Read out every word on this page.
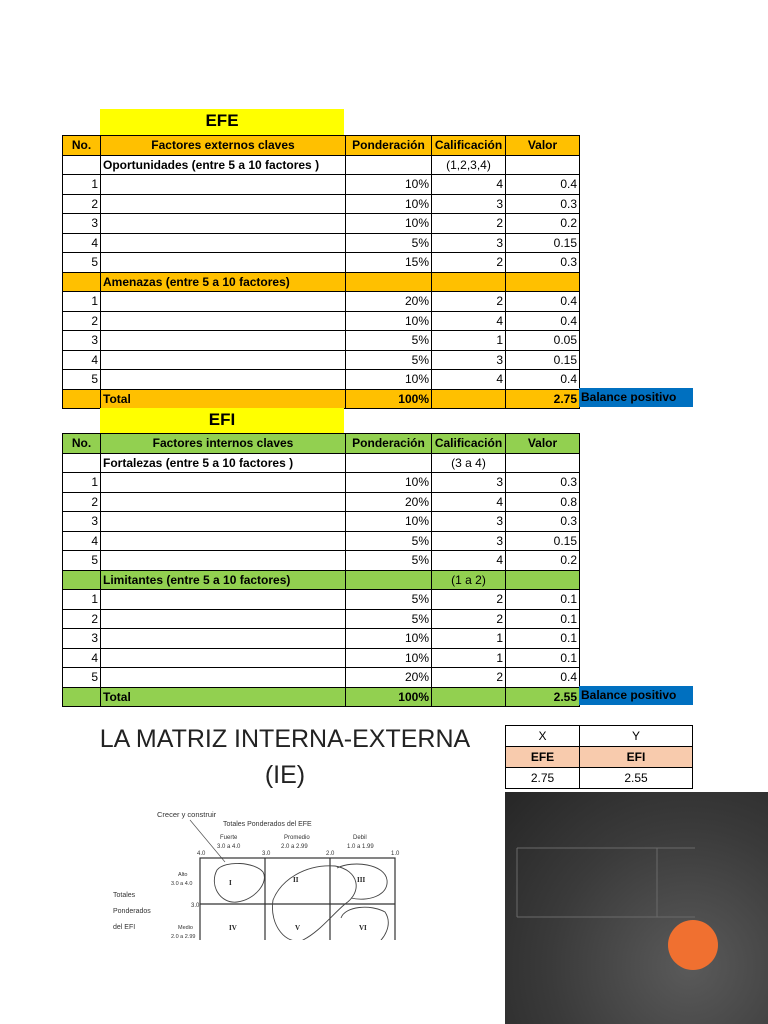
EFE
No.	Factores externos claves	Ponderación	Calificación	Valor
	Oportunidades (entre 5 a 10 factores )		(1,2,3,4)	
1		10%	4	0.4
2		10%	3	0.3
3		10%	2	0.2
4		5%	3	0.15
5		15%	2	0.3
	Amenazas (entre 5 a 10 factores)			
1		20%	2	0.4
2		10%	4	0.4
3		5%	1	0.05
4		5%	3	0.15
5		10%	4	0.4
	Total	100%		2.75 Balance positivo
EFI
No.	Factores internos claves	Ponderación	Calificación	Valor
	Fortalezas (entre 5 a 10 factores )		(3 a 4)	
1		10%	3	0.3
2		20%	4	0.8
3		10%	3	0.3
4		5%	3	0.15
5		5%	4	0.2
	Limitantes (entre 5 a 10 factores)		(1 a 2)	
1		5%	2	0.1
2		5%	2	0.1
3		10%	1	0.1
4		10%	1	0.1
5		20%	2	0.4
	Total	100%		2.55 Balance positivo
LA MATRIZ INTERNA-EXTERNA
(IE)
Crecer y construir
Totales Ponderados del EFE
Fuerte
3.0 a 4.0
Promedio
2.0 a 2.99
Debil
1.0 a 1.99
4.0	3.0	2.0	1.0
Alto
3.0 a 4.0
3.0
Medio
2.0 a 2.99
Totales
Ponderados
del EFI
I	II	III
IV	V	VI
X	Y
EFE	EFI
2.75	2.55
